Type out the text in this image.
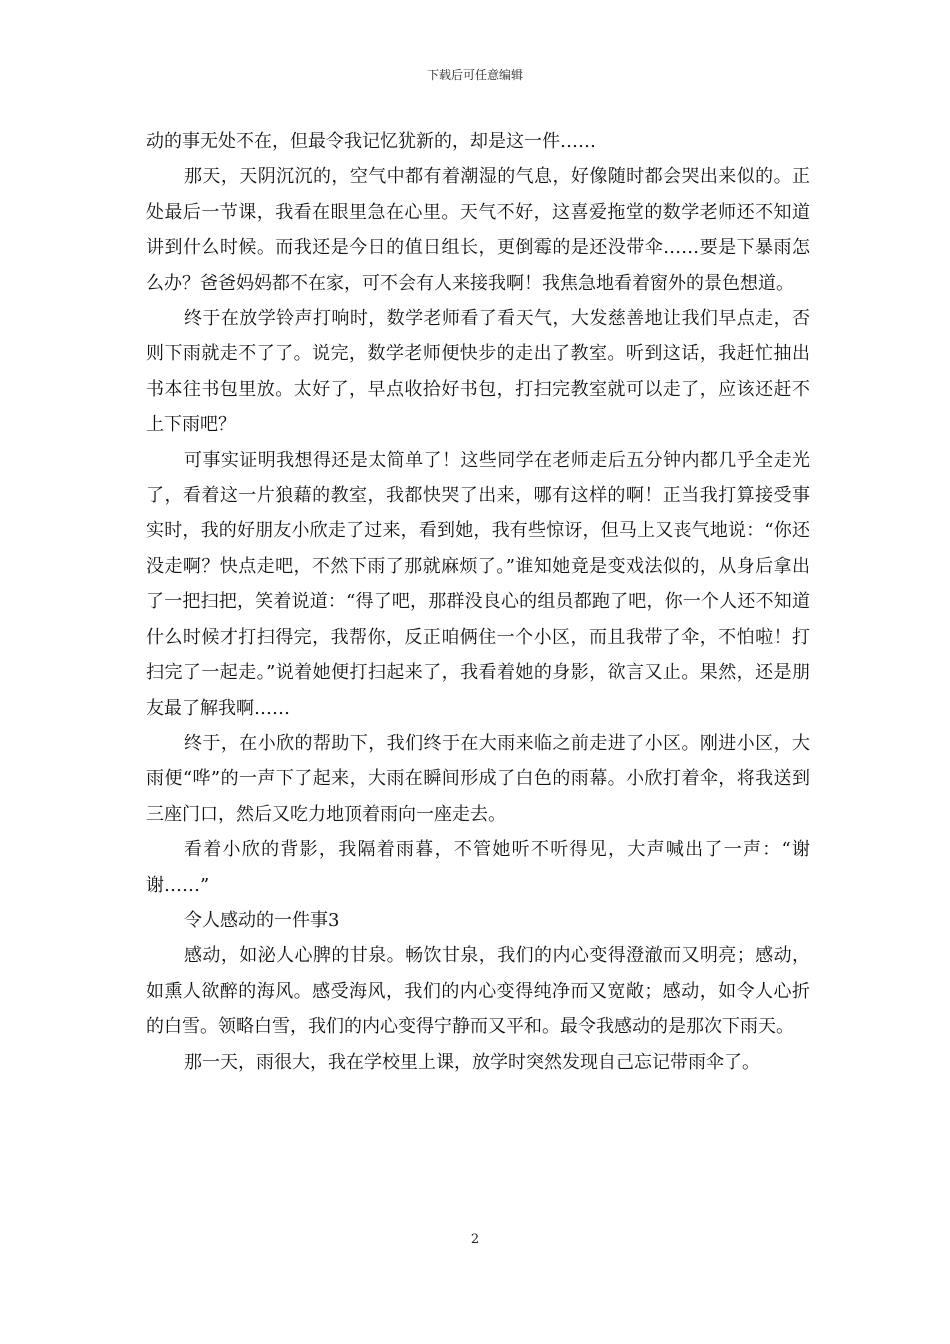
下载后可任意编辑

动的事无处不在，但最令我记忆犹新的，却是这一件……

那天，天阴沉沉的，空气中都有着潮湿的气息，好像随时都会哭出来似的。正处最后一节课，我看在眼里急在心里。天气不好，这喜爱拖堂的数学老师还不知道讲到什么时候。而我还是今日的值日组长，更倒霉的是还没带伞……要是下暴雨怎么办？爸爸妈妈都不在家，可不会有人来接我啊！我焦急地看着窗外的景色想道。

终于在放学铃声打响时，数学老师看了看天气，大发慈善地让我们早点走，否则下雨就走不了了。说完，数学老师便快步的走出了教室。听到这话，我赶忙抽出书本往书包里放。太好了，早点收拾好书包，打扫完教室就可以走了，应该还赶不上下雨吧？

可事实证明我想得还是太简单了！这些同学在老师走后五分钟内都几乎全走光了，看着这一片狼藉的教室，我都快哭了出来，哪有这样的啊！正当我打算接受事实时，我的好朋友小欣走了过来，看到她，我有些惊讶，但马上又丧气地说：“你还没走啊？快点走吧，不然下雨了那就麻烦了。”谁知她竟是变戏法似的，从身后拿出了一把扫把，笑着说道：“得了吧，那群没良心的组员都跑了吧，你一个人还不知道什么时候才打扫得完，我帮你，反正咱俩住一个小区，而且我带了伞，不怕啦！打扫完了一起走。”说着她便打扫起来了，我看着她的身影，欲言又止。果然，还是朋友最了解我啊……

终于，在小欣的帮助下，我们终于在大雨来临之前走进了小区。刚进小区，大雨便“哗”的一声下了起来，大雨在瞬间形成了白色的雨幕。小欣打着伞，将我送到三座门口，然后又吃力地顶着雨向一座走去。

看着小欣的背影，我隔着雨暮，不管她听不听得见，大声喊出了一声：“谢谢……”

令人感动的一件事3

感动，如泌人心脾的甘泉。畅饮甘泉，我们的内心变得澄澈而又明亮；感动，如熏人欲醉的海风。感受海风，我们的内心变得纯净而又宽敞；感动，如令人心折的白雪。领略白雪，我们的内心变得宁静而又平和。最令我感动的是那次下雨天。

那一天，雨很大，我在学校里上课，放学时突然发现自己忘记带雨伞了。

2
